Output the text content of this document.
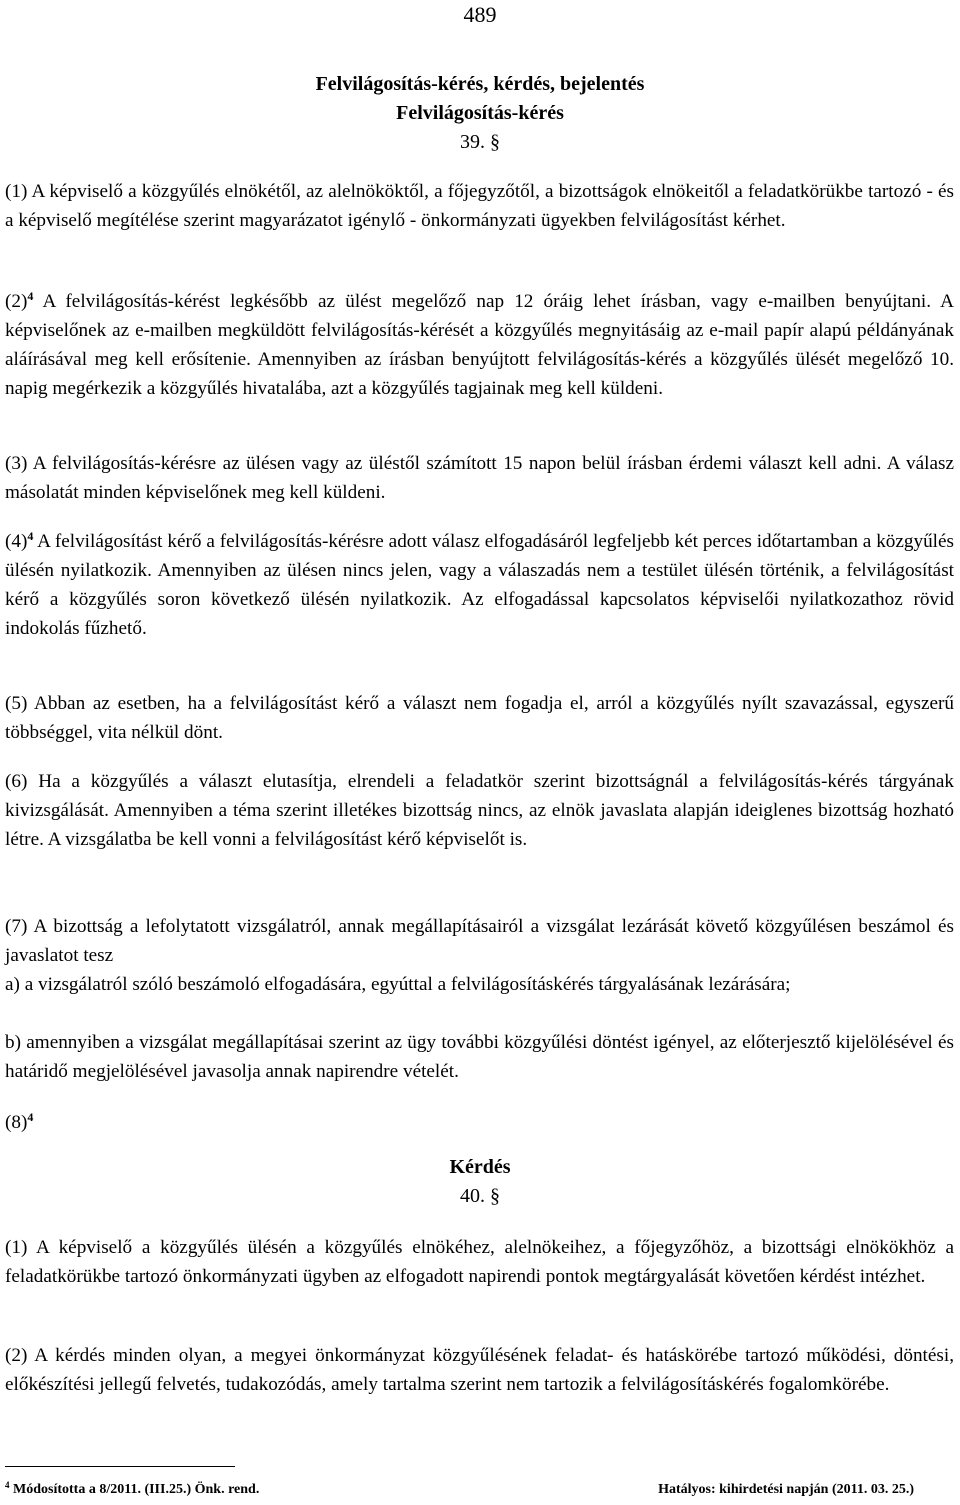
489
Felvilágosítás-kérés, kérdés, bejelentés
Felvilágosítás-kérés
39. §

(1) A képviselő a közgyűlés elnökétől, az alelnököktől, a főjegyzőtől, a bizottságok elnökeitől a feladatkörükbe tartozó - és a képviselő megítélése szerint magyarázatot igénylő - önkormányzati ügyekben felvilágosítást kérhet.

$(2)^4$ A felvilágosítás-kérést legkésőbb az ülést megelőző nap 12 óráig lehet írásban, vagy e-mailben benyújtani. A képviselőnek az e-mailben megküldött felvilágosítás-kérését a közgyűlés megnyitásáig az e-mail papír alapú példányának aláírásával meg kell erősítenie. Amennyiben az írásban benyújtott felvilágosítás-kérés a közgyűlés ülését megelőző 10. napig megérkezik a közgyűlés hivatalába, azt a közgyűlés tagjainak meg kell küldeni.

(3) A felvilágosítás-kérésre az ülésen vagy az üléstől számított 15 napon belül írásban érdemi választ kell adni. A válasz másolatát minden képviselőnek meg kell küldeni.

$(4)^4$ A felvilágosítást kérő a felvilágosítás-kérésre adott válasz elfogadásáról legfeljebb két perces időtartamban a közgyűlés ülésén nyilatkozik. Amennyiben az ülésen nincs jelen, vagy a válaszadás nem a testület ülésén történik, a felvilágosítást kérő a közgyűlés soron következő ülésén nyilatkozik. Az elfogadással kapcsolatos képviselői nyilatkozathoz rövid indokolás fűzhető.

(5) Abban az esetben, ha a felvilágosítást kérő a választ nem fogadja el, arról a közgyűlés nyílt szavazással, egyszerű többséggel, vita nélkül dönt.

(6) Ha a közgyűlés a választ elutasítja, elrendeli a feladatkör szerint bizottságnál a felvilágosítás-kérés tárgyának kivizsgálását. Amennyiben a téma szerint illetékes bizottság nincs, az elnök javaslata alapján ideiglenes bizottság hozható létre. A vizsgálatba be kell vonni a felvilágosítást kérő képviselőt is.

(7) A bizottság a lefolytatott vizsgálatról, annak megállapításairól a vizsgálat lezárását követő közgyűlésen beszámol és javaslatot tesz

a) a vizsgálatról szóló beszámoló elfogadására, egyúttal a felvilágosításkérés tárgyalásának lezárására;

b) amennyiben a vizsgálat megállapításai szerint az ügy további közgyűlési döntést igényel, az előterjesztő kijelölésével és határidő megjelölésével javasolja annak napirendre vételét.

$(8)^4$

Kérdés
40. §

(1) A képviselő a közgyűlés ülésén a közgyűlés elnökéhez, alelnökeihez, a főjegyzőhöz, a bizottsági elnökökhöz a feladatkörükbe tartozó önkormányzati ügyben az elfogadott napirendi pontok megtárgyalását követően kérdést intézhet.

(2) A kérdés minden olyan, a megyei önkormányzat közgyűlésének feladat- és hatáskörébe tartozó működési, döntési, előkészítési jellegű felvetés, tudakozódás, amely tartalma szerint nem tartozik a felvilágosításkérés fogalomkörébe.

$^4$ Módosította a 8/2011. (III.25.) Önk. rend.	Hatályos: kihirdetési napján (2011. 03. 25.)
